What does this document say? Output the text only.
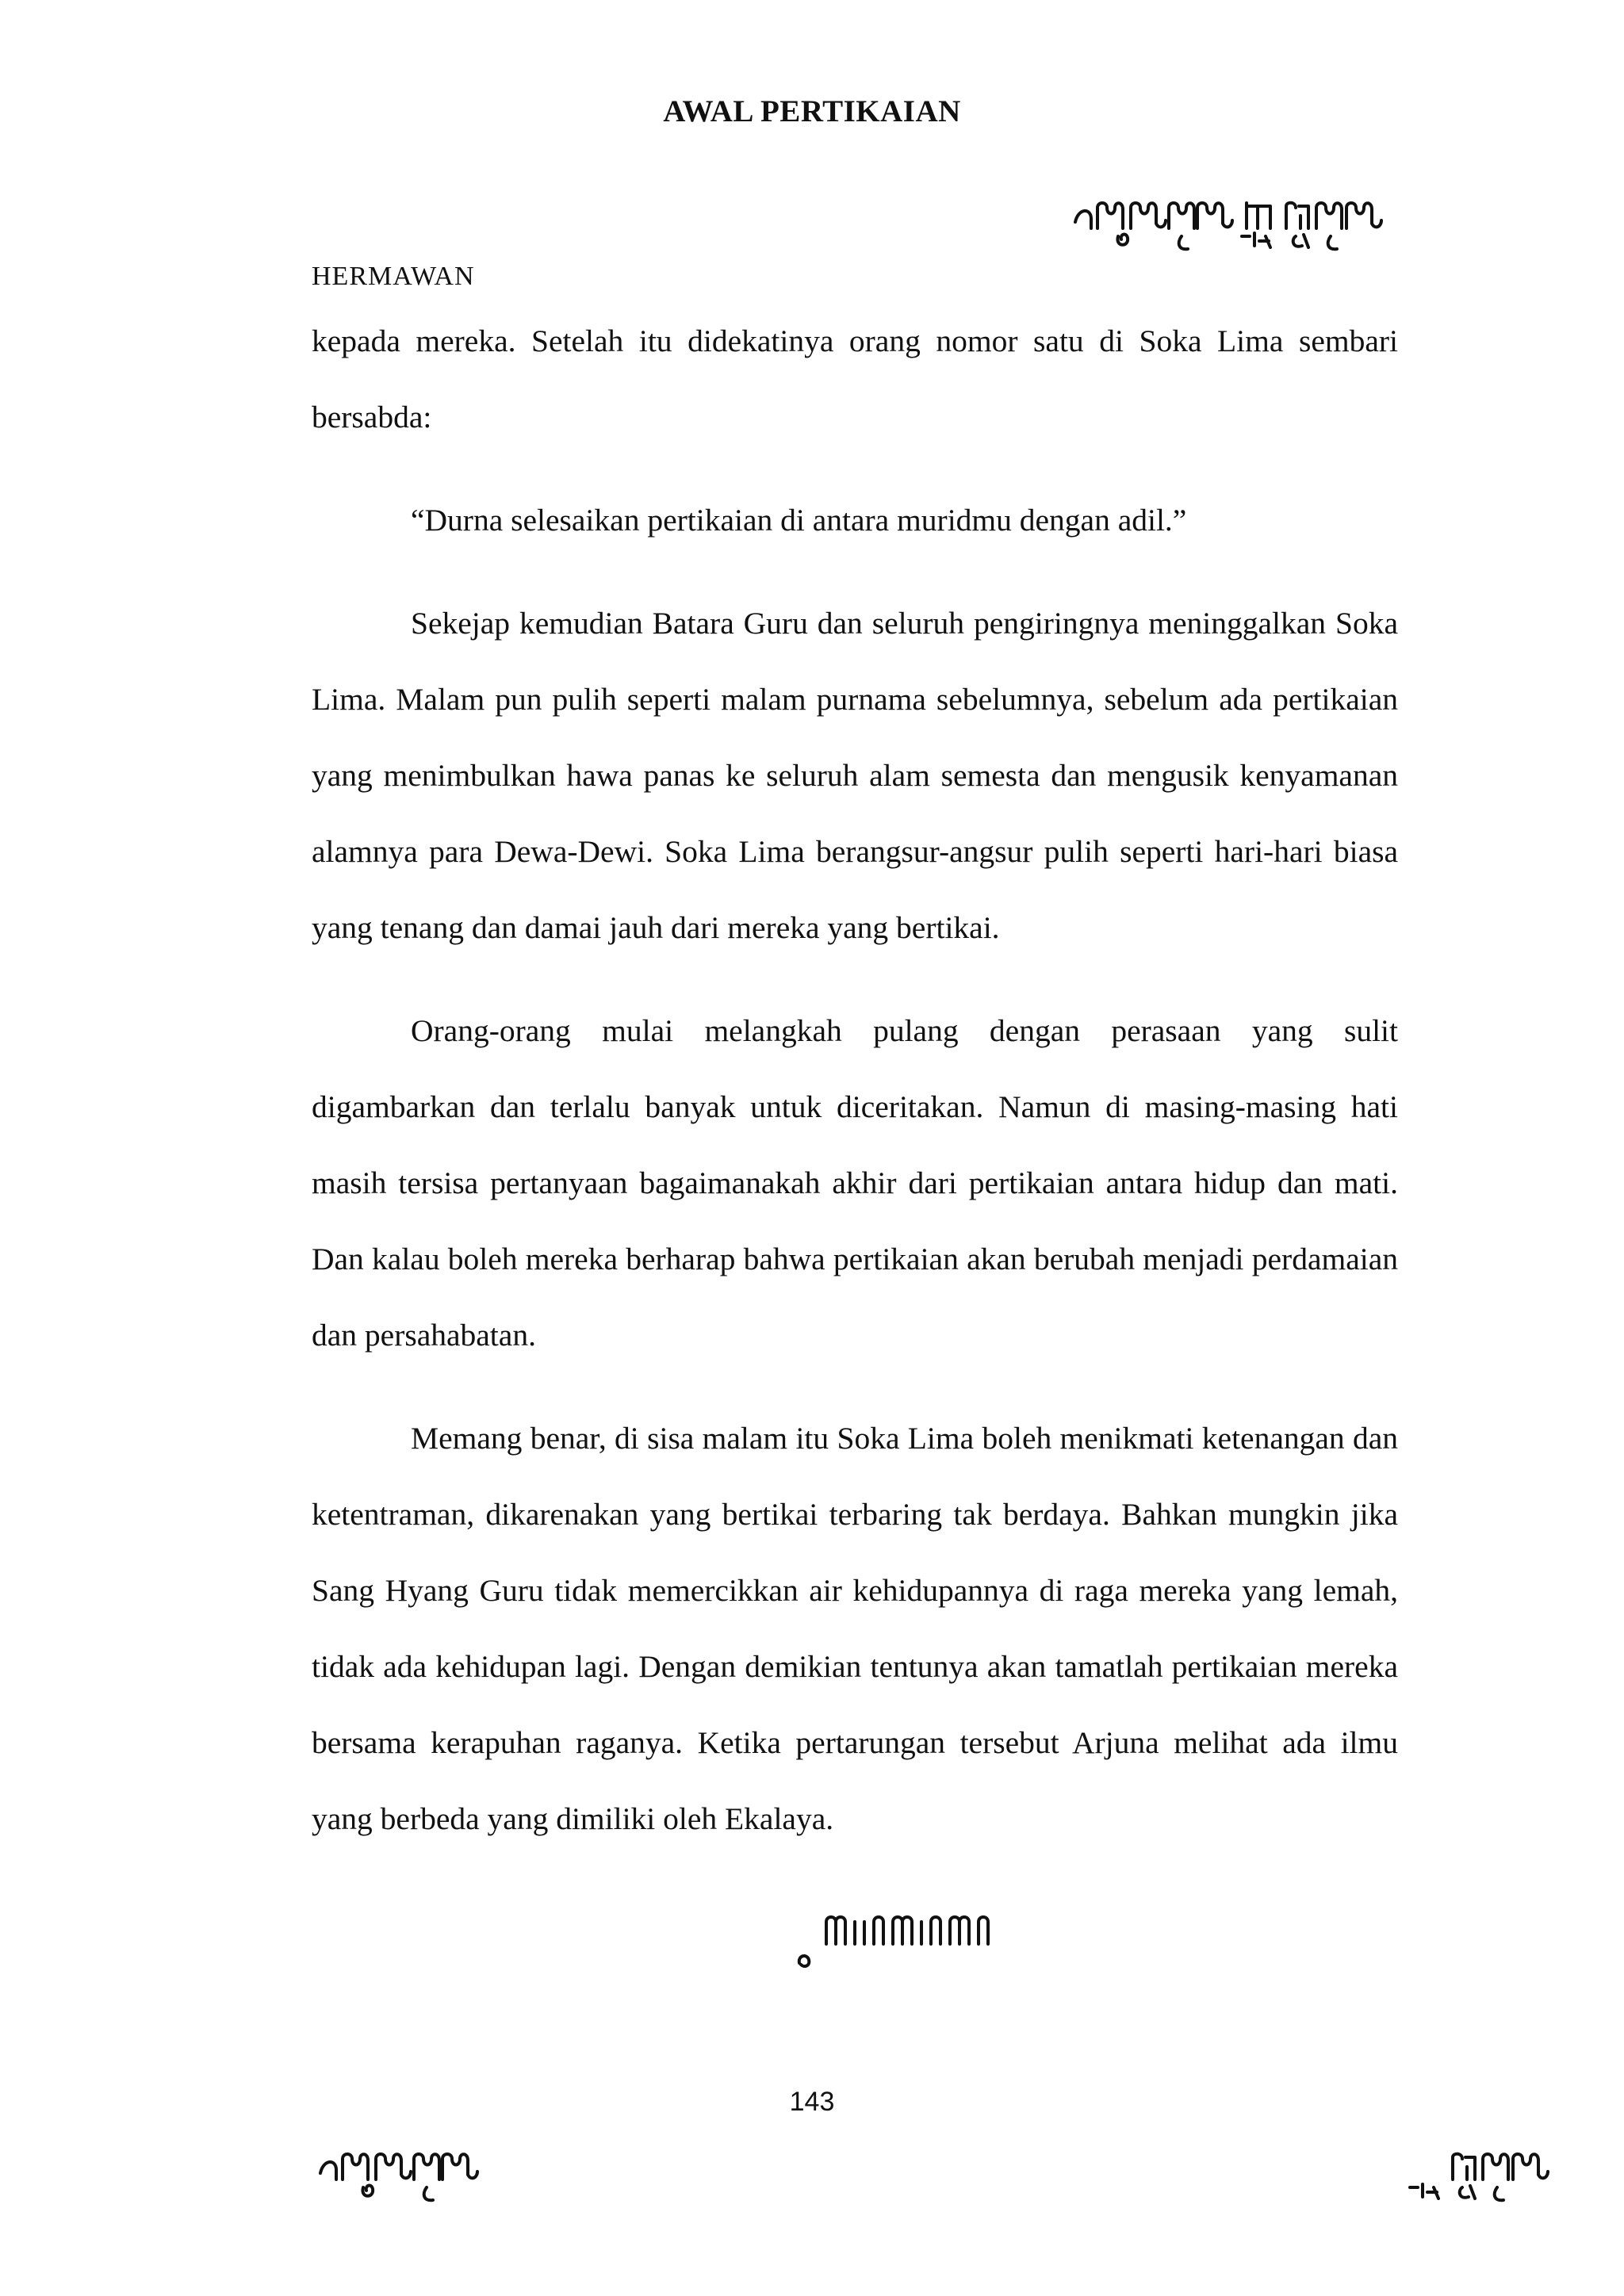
AWAL PERTIKAIAN
HERMAWAN

kepada mereka. Setelah itu didekatinya orang nomor satu di Soka Lima sembari bersabda:

“Durna selesaikan pertikaian di antara muridmu dengan adil.”

Sekejap kemudian Batara Guru dan seluruh pengiringnya meninggalkan Soka Lima. Malam pun pulih seperti malam purnama sebelumnya, sebelum ada pertikaian yang menimbulkan hawa panas ke seluruh alam semesta dan mengusik kenyamanan alamnya para Dewa-Dewi. Soka Lima berangsur-angsur pulih seperti hari-hari biasa yang tenang dan damai jauh dari mereka yang bertikai.

Orang-orang mulai melangkah pulang dengan perasaan yang sulit digambarkan dan terlalu banyak untuk diceritakan. Namun di masing-masing hati masih tersisa pertanyaan bagaimanakah akhir dari pertikaian antara hidup dan mati. Dan kalau boleh mereka berharap bahwa pertikaian akan berubah menjadi perdamaian dan persahabatan.

Memang benar, di sisa malam itu Soka Lima boleh menikmati ketenangan dan ketentraman, dikarenakan yang bertikai terbaring tak berdaya. Bahkan mungkin jika Sang Hyang Guru tidak memercikkan air kehidupannya di raga mereka yang lemah, tidak ada kehidupan lagi. Dengan demikian tentunya akan tamatlah pertikaian mereka bersama kerapuhan raganya. Ketika pertarungan tersebut Arjuna melihat ada ilmu yang berbeda yang dimiliki oleh Ekalaya.

143
